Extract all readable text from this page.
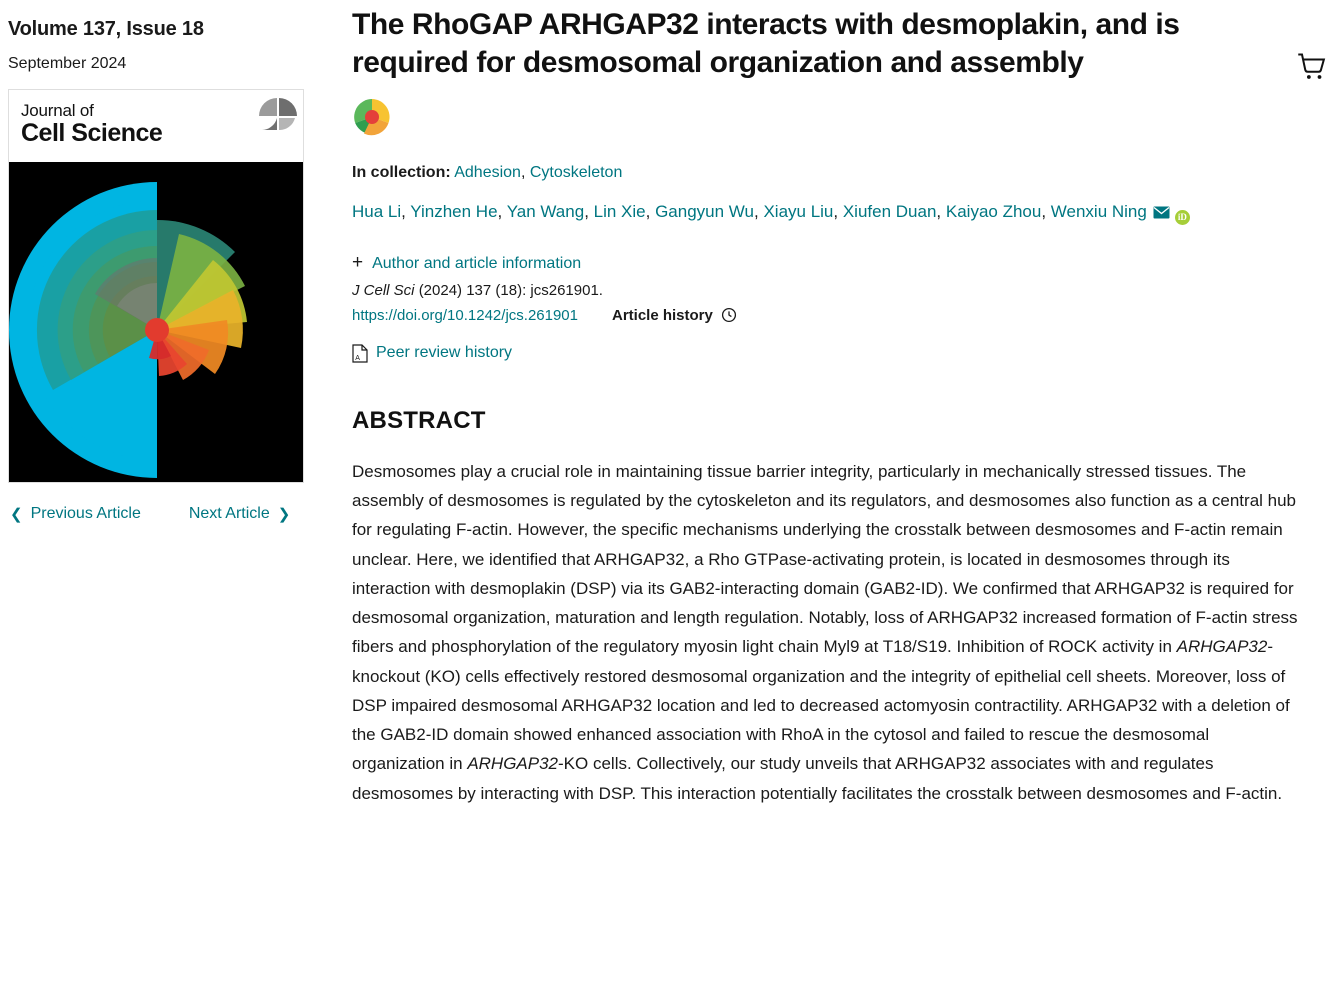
Volume 137, Issue 18
September 2024
Journal of
Cell Science
❮ Previous Article	Next Article ❯
The RhoGAP ARHGAP32 interacts with desmoplakin, and is required for desmosomal organization and assembly
In collection: Adhesion, Cytoskeleton
Hua Li, Yinzhen He, Yan Wang, Lin Xie, Gangyun Wu, Xiayu Liu, Xiufen Duan, Kaiyao Zhou, Wenxiu Ning	iD
+ Author and article information
J Cell Sci (2024) 137 (18): jcs261901.
https://doi.org/10.1242/jcs.261901 Article history
A Peer review history
ABSTRACT

Desmosomes play a crucial role in maintaining tissue barrier integrity, particularly in mechanically stressed tissues. The assembly of desmosomes is regulated by the cytoskeleton and its regulators, and desmosomes also function as a central hub for regulating F-actin. However, the specific mechanisms underlying the crosstalk between desmosomes and F-actin remain unclear. Here, we identified that ARHGAP32, a Rho GTPase-activating protein, is located in desmosomes through its interaction with desmoplakin (DSP) via its GAB2-interacting domain (GAB2-ID). We confirmed that ARHGAP32 is required for desmosomal organization, maturation and length regulation. Notably, loss of ARHGAP32 increased formation of F-actin stress fibers and phosphorylation of the regulatory myosin light chain Myl9 at T18/S19. Inhibition of ROCK activity in ARHGAP32-knockout (KO) cells effectively restored desmosomal organization and the integrity of epithelial cell sheets. Moreover, loss of DSP impaired desmosomal ARHGAP32 location and led to decreased actomyosin contractility. ARHGAP32 with a deletion of the GAB2-ID domain showed enhanced association with RhoA in the cytosol and failed to rescue the desmosomal organization in ARHGAP32-KO cells. Collectively, our study unveils that ARHGAP32 associates with and regulates desmosomes by interacting with DSP. This interaction potentially facilitates the crosstalk between desmosomes and F-actin.
